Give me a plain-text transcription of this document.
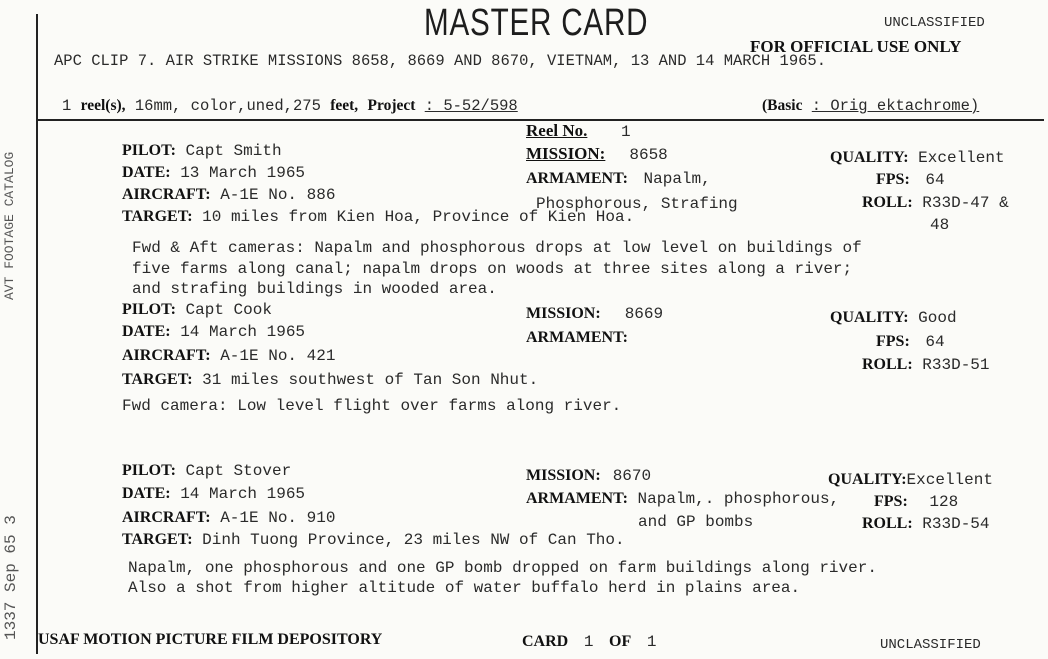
AVT FOOTAGE CATALOG
1337 Sep 65 3
MASTER CARD	UNCLASSIFIED
FOR OFFICIAL USE ONLY
APC CLIP 7. AIR STRIKE MISSIONS 8658, 8669 AND 8670, VIETNAM, 13 AND 14 MARCH 1965.
1 reel(s), 16mm, color,uned,275 feet, Project : 5-52/598	(Basic : Orig ektachrome)
Reel No. 1
PILOT: Capt Smith
DATE: 13 March 1965
AIRCRAFT: A-1E No. 886
TARGET: 10 miles from Kien Hoa, Province of Kien Hoa.
MISSION: 8658
ARMAMENT: Napalm,
Phosphorous, Strafing
QUALITY: Excellent
FPS: 64
ROLL: R33D-47 &
48
Fwd & Aft cameras: Napalm and phosphorous drops at low level on buildings of
five farms along canal; napalm drops on woods at three sites along a river;
and strafing buildings in wooded area.
PILOT: Capt Cook
DATE: 14 March 1965
AIRCRAFT: A-1E No. 421
TARGET: 31 miles southwest of Tan Son Nhut.
Fwd camera: Low level flight over farms along river.
MISSION: 8669
ARMAMENT:
QUALITY: Good
FPS: 64
ROLL: R33D-51
PILOT: Capt Stover
DATE: 14 March 1965
AIRCRAFT: A-1E No. 910
TARGET: Dinh Tuong Province, 23 miles NW of Can Tho.
Napalm, one phosphorous and one GP bomb dropped on farm buildings along river.
Also a shot from higher altitude of water buffalo herd in plains area.
MISSION: 8670
ARMAMENT: Napalm,. phosphorous,
and GP bombs
QUALITY:Excellent
FPS: 128
ROLL: R33D-54
USAF MOTION PICTURE FILM DEPOSITORY	CARD 1 OF 1	UNCLASSIFIED
